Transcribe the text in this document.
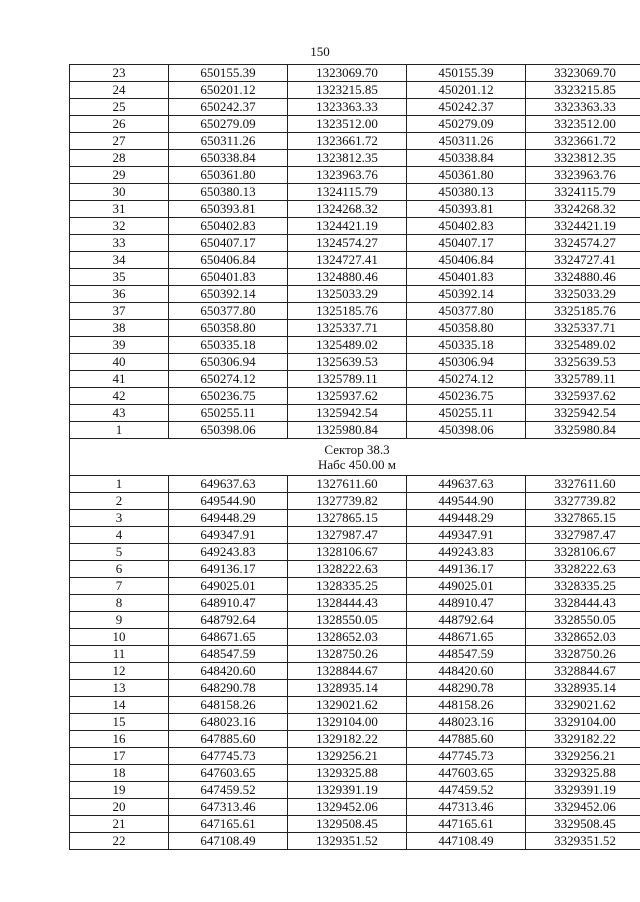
150
23	650155.39	1323069.70	450155.39	3323069.70
24	650201.12	1323215.85	450201.12	3323215.85
25	650242.37	1323363.33	450242.37	3323363.33
26	650279.09	1323512.00	450279.09	3323512.00
27	650311.26	1323661.72	450311.26	3323661.72
28	650338.84	1323812.35	450338.84	3323812.35
29	650361.80	1323963.76	450361.80	3323963.76
30	650380.13	1324115.79	450380.13	3324115.79
31	650393.81	1324268.32	450393.81	3324268.32
32	650402.83	1324421.19	450402.83	3324421.19
33	650407.17	1324574.27	450407.17	3324574.27
34	650406.84	1324727.41	450406.84	3324727.41
35	650401.83	1324880.46	450401.83	3324880.46
36	650392.14	1325033.29	450392.14	3325033.29
37	650377.80	1325185.76	450377.80	3325185.76
38	650358.80	1325337.71	450358.80	3325337.71
39	650335.18	1325489.02	450335.18	3325489.02
40	650306.94	1325639.53	450306.94	3325639.53
41	650274.12	1325789.11	450274.12	3325789.11
42	650236.75	1325937.62	450236.75	3325937.62
43	650255.11	1325942.54	450255.11	3325942.54
1	650398.06	1325980.84	450398.06	3325980.84

Сектор 38.3
Набс 450.00 м				

1	649637.63	1327611.60	449637.63	3327611.60
2	649544.90	1327739.82	449544.90	3327739.82
3	649448.29	1327865.15	449448.29	3327865.15
4	649347.91	1327987.47	449347.91	3327987.47
5	649243.83	1328106.67	449243.83	3328106.67
6	649136.17	1328222.63	449136.17	3328222.63
7	649025.01	1328335.25	449025.01	3328335.25
8	648910.47	1328444.43	448910.47	3328444.43
9	648792.64	1328550.05	448792.64	3328550.05
10	648671.65	1328652.03	448671.65	3328652.03
11	648547.59	1328750.26	448547.59	3328750.26
12	648420.60	1328844.67	448420.60	3328844.67
13	648290.78	1328935.14	448290.78	3328935.14
14	648158.26	1329021.62	448158.26	3329021.62
15	648023.16	1329104.00	448023.16	3329104.00
16	647885.60	1329182.22	447885.60	3329182.22
17	647745.73	1329256.21	447745.73	3329256.21
18	647603.65	1329325.88	447603.65	3329325.88
19	647459.52	1329391.19	447459.52	3329391.19
20	647313.46	1329452.06	447313.46	3329452.06
21	647165.61	1329508.45	447165.61	3329508.45
22	647108.49	1329351.52	447108.49	3329351.52
